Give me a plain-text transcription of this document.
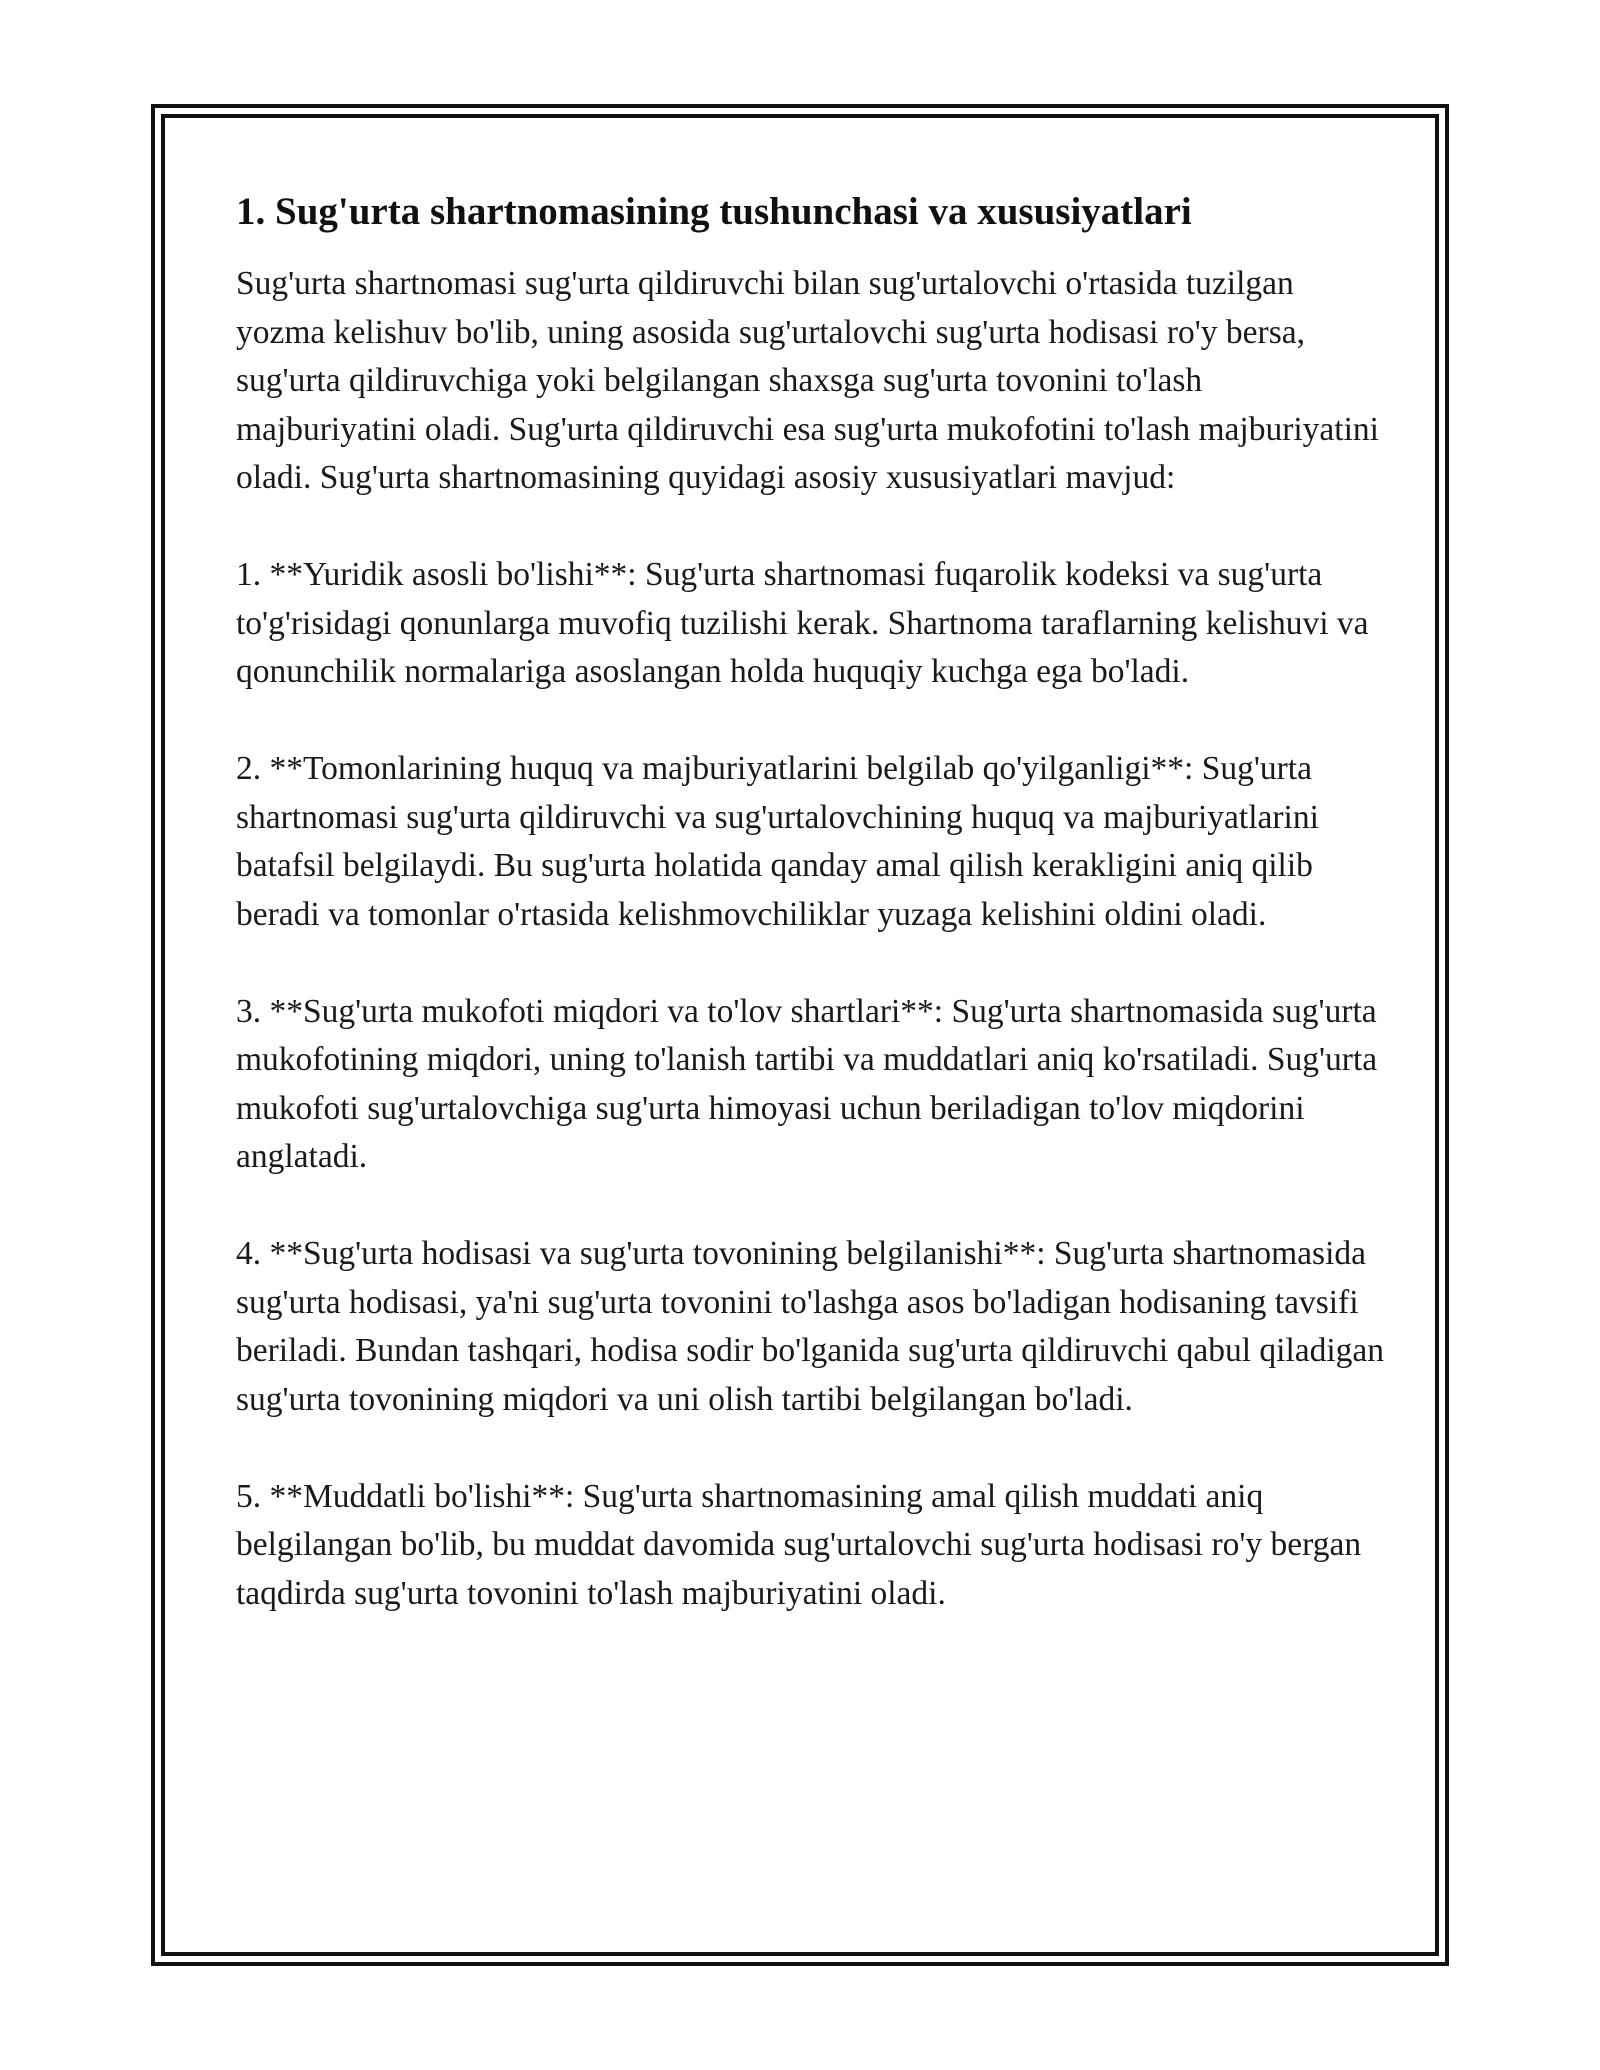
1. Sug'urta shartnomasining tushunchasi va xususiyatlari

Sug'urta shartnomasi sug'urta qildiruvchi bilan sug'urtalovchi o'rtasida tuzilgan yozma kelishuv bo'lib, uning asosida sug'urtalovchi sug'urta hodisasi ro'y bersa, sug'urta qildiruvchiga yoki belgilangan shaxsga sug'urta tovonini to'lash majburiyatini oladi. Sug'urta qildiruvchi esa sug'urta mukofotini to'lash majburiyatini oladi. Sug'urta shartnomasining quyidagi asosiy xususiyatlari mavjud:

1. **Yuridik asosli bo'lishi**: Sug'urta shartnomasi fuqarolik kodeksi va sug'urta to'g'risidagi qonunlarga muvofiq tuzilishi kerak. Shartnoma taraflarning kelishuvi va qonunchilik normalariga asoslangan holda huquqiy kuchga ega bo'ladi.

2. **Tomonlarining huquq va majburiyatlarini belgilab qo'yilganligi**: Sug'urta shartnomasi sug'urta qildiruvchi va sug'urtalovchining huquq va majburiyatlarini batafsil belgilaydi. Bu sug'urta holatida qanday amal qilish kerakligini aniq qilib beradi va tomonlar o'rtasida kelishmovchiliklar yuzaga kelishini oldini oladi.

3. **Sug'urta mukofoti miqdori va to'lov shartlari**: Sug'urta shartnomasida sug'urta mukofotining miqdori, uning to'lanish tartibi va muddatlari aniq ko'rsatiladi. Sug'urta mukofoti sug'urtalovchiga sug'urta himoyasi uchun beriladigan to'lov miqdorini anglatadi.

4. **Sug'urta hodisasi va sug'urta tovonining belgilanishi**: Sug'urta shartnomasida sug'urta hodisasi, ya'ni sug'urta tovonini to'lashga asos bo'ladigan hodisaning tavsifi beriladi. Bundan tashqari, hodisa sodir bo'lganida sug'urta qildiruvchi qabul qiladigan sug'urta tovonining miqdori va uni olish tartibi belgilangan bo'ladi.

5. **Muddatli bo'lishi**: Sug'urta shartnomasining amal qilish muddati aniq belgilangan bo'lib, bu muddat davomida sug'urtalovchi sug'urta hodisasi ro'y bergan taqdirda sug'urta tovonini to'lash majburiyatini oladi.
